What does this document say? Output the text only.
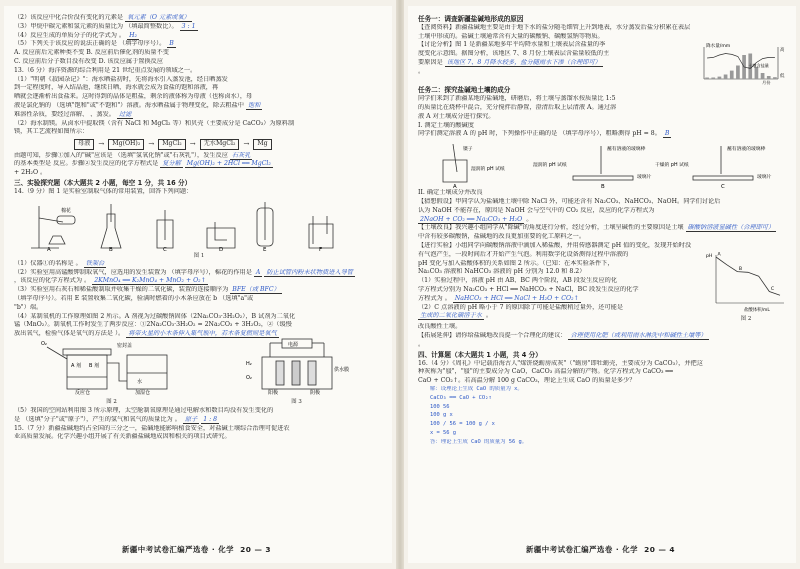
（2）该反应中化合价没有变化的元素是 氧元素（O 元素或氧）
（3）甲烷中碳元素和氢元素的质量比为 （填最简整数比）。 3 : 1
（4）反应生成的单质分子的化学式为 。 H₂
（5）下列关于该反应的说法正确的是 （填字母序号）。 B
A. 反应前后元素种类不变 B. 反应前后催化剂的质量不变
C. 反应前后分子数目没有改变 D. 该反应属于置换反应
13.（6 分）海洋资源的综合利用是 21 世纪重点发展的领域之一。
（1）"明朝《菽园杂记》"：海水晒盐初时，先将海水引入蒸发池，经日晒蒸发
到一定程度时，导入结晶池，继续日晒，海水就会成为食盐的饱和溶液，再
晒就会逐渐析出食盐来。这时得到的晶体是粗盐，剩余的液体称为母液（也称卤水），母
液是氯化钠的 （选填"饱和"或"不饱和"）溶液。海水晒盐属于物理变化，除去粗盐中 饱和
难溶性杂质，要经过溶解、 、蒸发。 过滤
（2）海水制镁。从卤水中提取镁（含有 NaCl 和 MgCl₂ 等）和贝壳（主要成分是 CaCO₃）为原料制
镁，其工艺流程如图所示：
母液	→	Mg(OH)₂	→	MgCl₂	→	无水MgCl₂	→	Mg
由题可知，步骤①加入的"碱"应该是 （选填"氢氧化钠"或"石灰乳"），发生反应 石灰乳
的基本类型是 反应。步骤②发生反应的化学方程式是 复分解 Mg(OH)₂ + 2HCl ══ MgCl₂
+ 2H₂O 。
三、实验探究题（本大题共 2 小题，每空 1 分，共 16 分）
14.（9 分）图 1 是实验室制取气体的常用装置，回答下列问题：
棉花
A	B	C	D	E	F
图 1
（1）仪器①的名称是 。 铁架台
（2）实验室用高锰酸钾制取氧气，应选用的发生装置为 （填字母序号），棉花的作用是 A 防止试管内粉末状物质进入导管
，该反应的化学方程式为 。 2KMnO₄ ══ K₂MnO₄ + MnO₂ + O₂↑
（3）实验室用石灰石和稀盐酸制取并收集干燥的二氧化碳，装置的连接顺序为 BFE（或 BFC）
（填字母序号）。若用 E 装置收集二氧化碳，验满时燃着的小木条应放在 b （选填"a"或
"b"）端。
（4）某制氧机的工作原理如图 2 所示。A 剂视为过碳酸钠固体（2Na₂CO₃·3H₂O₂），B 试剂为二氧化
锰（MnO₂）。制氧机工作时发生了两步反应：①2Na₂CO₃·3H₂O₂ = 2Na₂CO₃ + 3H₂O₂，②（缓慢
放出氧气，检验气体是氧气的方法是 ）。 将带火星的小木条伸入集气瓶中，若木条复燃则是氧气
O₂
A 剂 B 剂
水
反应仓	加湿仓
密封盖
图 2
电源
H₂
O₂
供水膜
阳极	阴极
图 3
（5）我国的空间站利用图 3 所示原理，太空舱制氧原理是通过电解水和数目均没有发生变化的
是 （选填"分子"或"原子"），产生的氢气和氧气的质量比为 。 原子 1 : 8
15.（7 分）新疆盐碱地约占全国的三分之一，盐碱地能影响植食安全，对盐碱土壤综合治理可促进农
业高质量发展。化学兴趣小组开展了有关新疆盐碱地成因和相关的项目式研究。
新疆中考试卷汇编严选卷 · 化学 20 — 3
任务一：调查新疆盐碱地形成的原因
【查阅资料】新疆盐碱地主要是由于地下水的盐分随毛细管上升到地表，水分蒸发后盐分积累在表层
土壤中形成的。盐碱土壤通常含有大量的碳酸钠、碳酸氢钠等物质。
【讨论分析】图 1 是新疆某地多年平均降水量和土壤表层含盐量的季
度变化示意图。据图分析，该地区 7、8 月份土壤表层含盐量较低的主
要原因是 该地区 7、8 月降水较多，盐分随雨水下渗（合理即可）
。
降水量/mm
高
低
土壤含盐量
月份
任务二：探究盐碱地土壤的成分
同学们来到了新疆某地的盐碱地，研磨后，将土壤与蒸馏水按质量比 1:5
的质量比在烧杯中混合，充分搅拌后静置，澄清后取上层清液 A。通过溶
液 A 对土壤成分进行探究。
I. 测定土壤的酸碱度
同学们测定溶液 A 的 pH 时，下列操作中正确的是 （填字母序号），粗略测得 pH = 8。 B
镊子
湿润的 pH 试纸
蘸有溶液的玻璃棒
湿润的 pH 试纸
玻璃片
蘸有溶液的玻璃棒
干燥的 pH 试纸
玻璃片
A	B	C
II. 确定土壤成分并改良
【猜想假设】甲同学认为盐碱地土壤中除 NaCl 外，可能还含有 Na₂CO₃、NaHCO₃、NaOH。同学们讨论后
认为 NaOH 不能存在，原因是 NaOH 会与空气中的 CO₂ 反应，反应的化学方程式为
2NaOH + CO₂ ══ Na₂CO₃ + H₂O 。
【土壤改良】我兴趣小组同学从"除碱"的角度进行分析，经过分析，土壤呈碱性的主要原因是土壤 碳酸钠溶液显碱性（合理即可）
中含有较多碳酸钠，盐碱地的改良更加重要的化工原料之一。
【进行实验】小组同学向碳酸钠溶液中滴加入稀盐酸，并用传感器测定 pH 值的变化，发现开始时没
有气泡产生，一段时间后才开始产生气泡。利用数字化设备测得过程中溶液的
pH 变化与加入盐酸体积的关系如图 2 所示。（已知：在本实验条件下，
Na₂CO₃ 溶液和 NaHCO₃ 溶液的 pH 分别为 12.0 和 8.2）
（1）实验过程中，溶液 pH 由 AB、BC 两个阶段，AB 段发生反应的化
学方程式分别为 Na₂CO₃ + HCl ══ NaHCO₃ + NaCl，BC 段发生反应的化学
方程式为 。 NaHCO₃ + HCl ══ NaCl + H₂O + CO₂↑
（2）C 点溶液的 pH 略小于 7 的原因除了可能是盐酸稍过量外，还可能是
生成的二氧化碳溶于水 。
pH A
B
C
盐酸体积/mL
图 2
改良酸性土壤。
【拓展延伸】请你给盐碱地改良提一个合理化的建议： 合理使用化肥（或利用雨水淋洗中和碱性土壤等）
。
四、计算题（本大题共 1 小题，共 4 分）
16.（4 分）《周礼》中记载沿海古人"煤饼烧蛎房成灰"（"蛎房"即牡蛎壳，主要成分为 CaCO₃），并把这
种灰称为"蜃"，"蜃"的主要成分为 CaO，CaCO₃ 高温分解的产物。化学方程式为 CaCO₃ ══
CaO + CO₂↑。若高温分解 100 g CaCO₃，理论上生成 CaO 的质量是多少？
解：设理论上生成 CaO 的质量为 x。
CaCO₃ ══ CaO + CO₂↑
100 56
100 g x
100 / 56 = 100 g / x
x = 56 g
答：理论上生成 CaO 的质量为 56 g。
新疆中考试卷汇编严选卷 · 化学 20 — 4
